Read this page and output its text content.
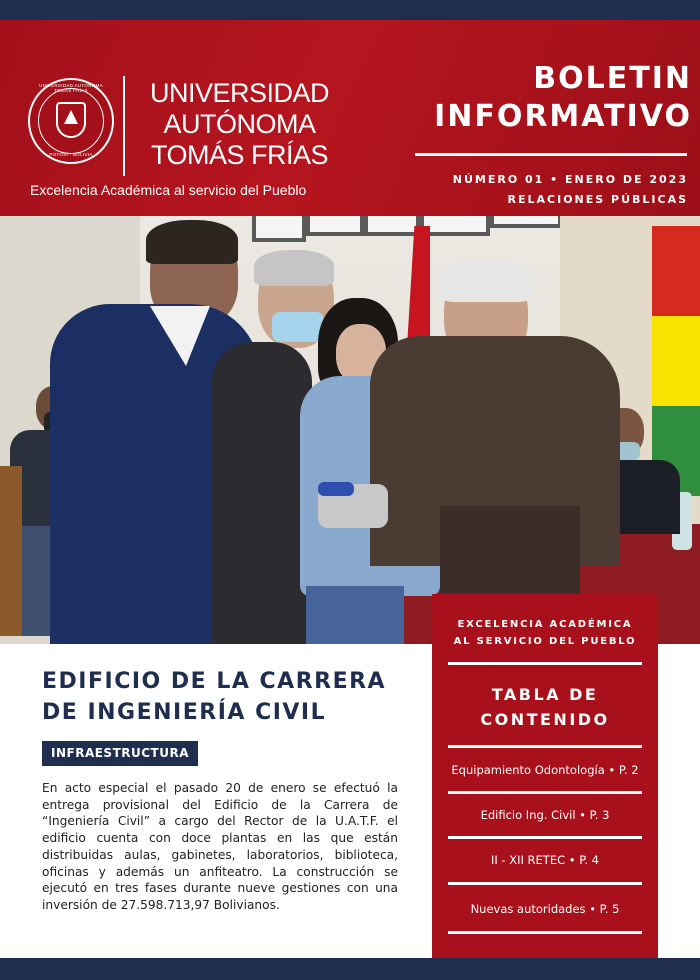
UNIVERSIDAD AUTÓNOMA TOMÁS FRÍAS
POTOSÍ - BOLIVIA
UNIVERSIDAD
AUTÓNOMA
TOMÁS FRÍAS
Excelencia Académica al servicio del Pueblo
BOLETIN
INFORMATIVO
NÚMERO 01 • ENERO DE 2023
RELACIONES PÚBLICAS
EDIFICIO DE LA CARRERA
DE INGENIERÍA CIVIL
INFRAESTRUCTURA
En acto especial el pasado 20 de enero se efectuó la entrega provisional del Edificio de la Carrera de “Ingeniería Civil” a cargo del Rector de la U.A.T.F. el edificio cuenta con doce plantas en las que están distribuidas aulas, gabinetes, laboratorios, biblioteca, oficinas y además un anfiteatro. La construcción se ejecutó en tres fases durante nueve gestiones con una inversión de 27.598.713,97 Bolivianos.
EXCELENCIA ACADÉMICA
AL SERVICIO DEL PUEBLO
TABLA DE
CONTENIDO
Equipamiento Odontología • P. 2
Edificio Ing. Civil • P. 3
II - XII RETEC • P. 4
Nuevas autoridades • P. 5
